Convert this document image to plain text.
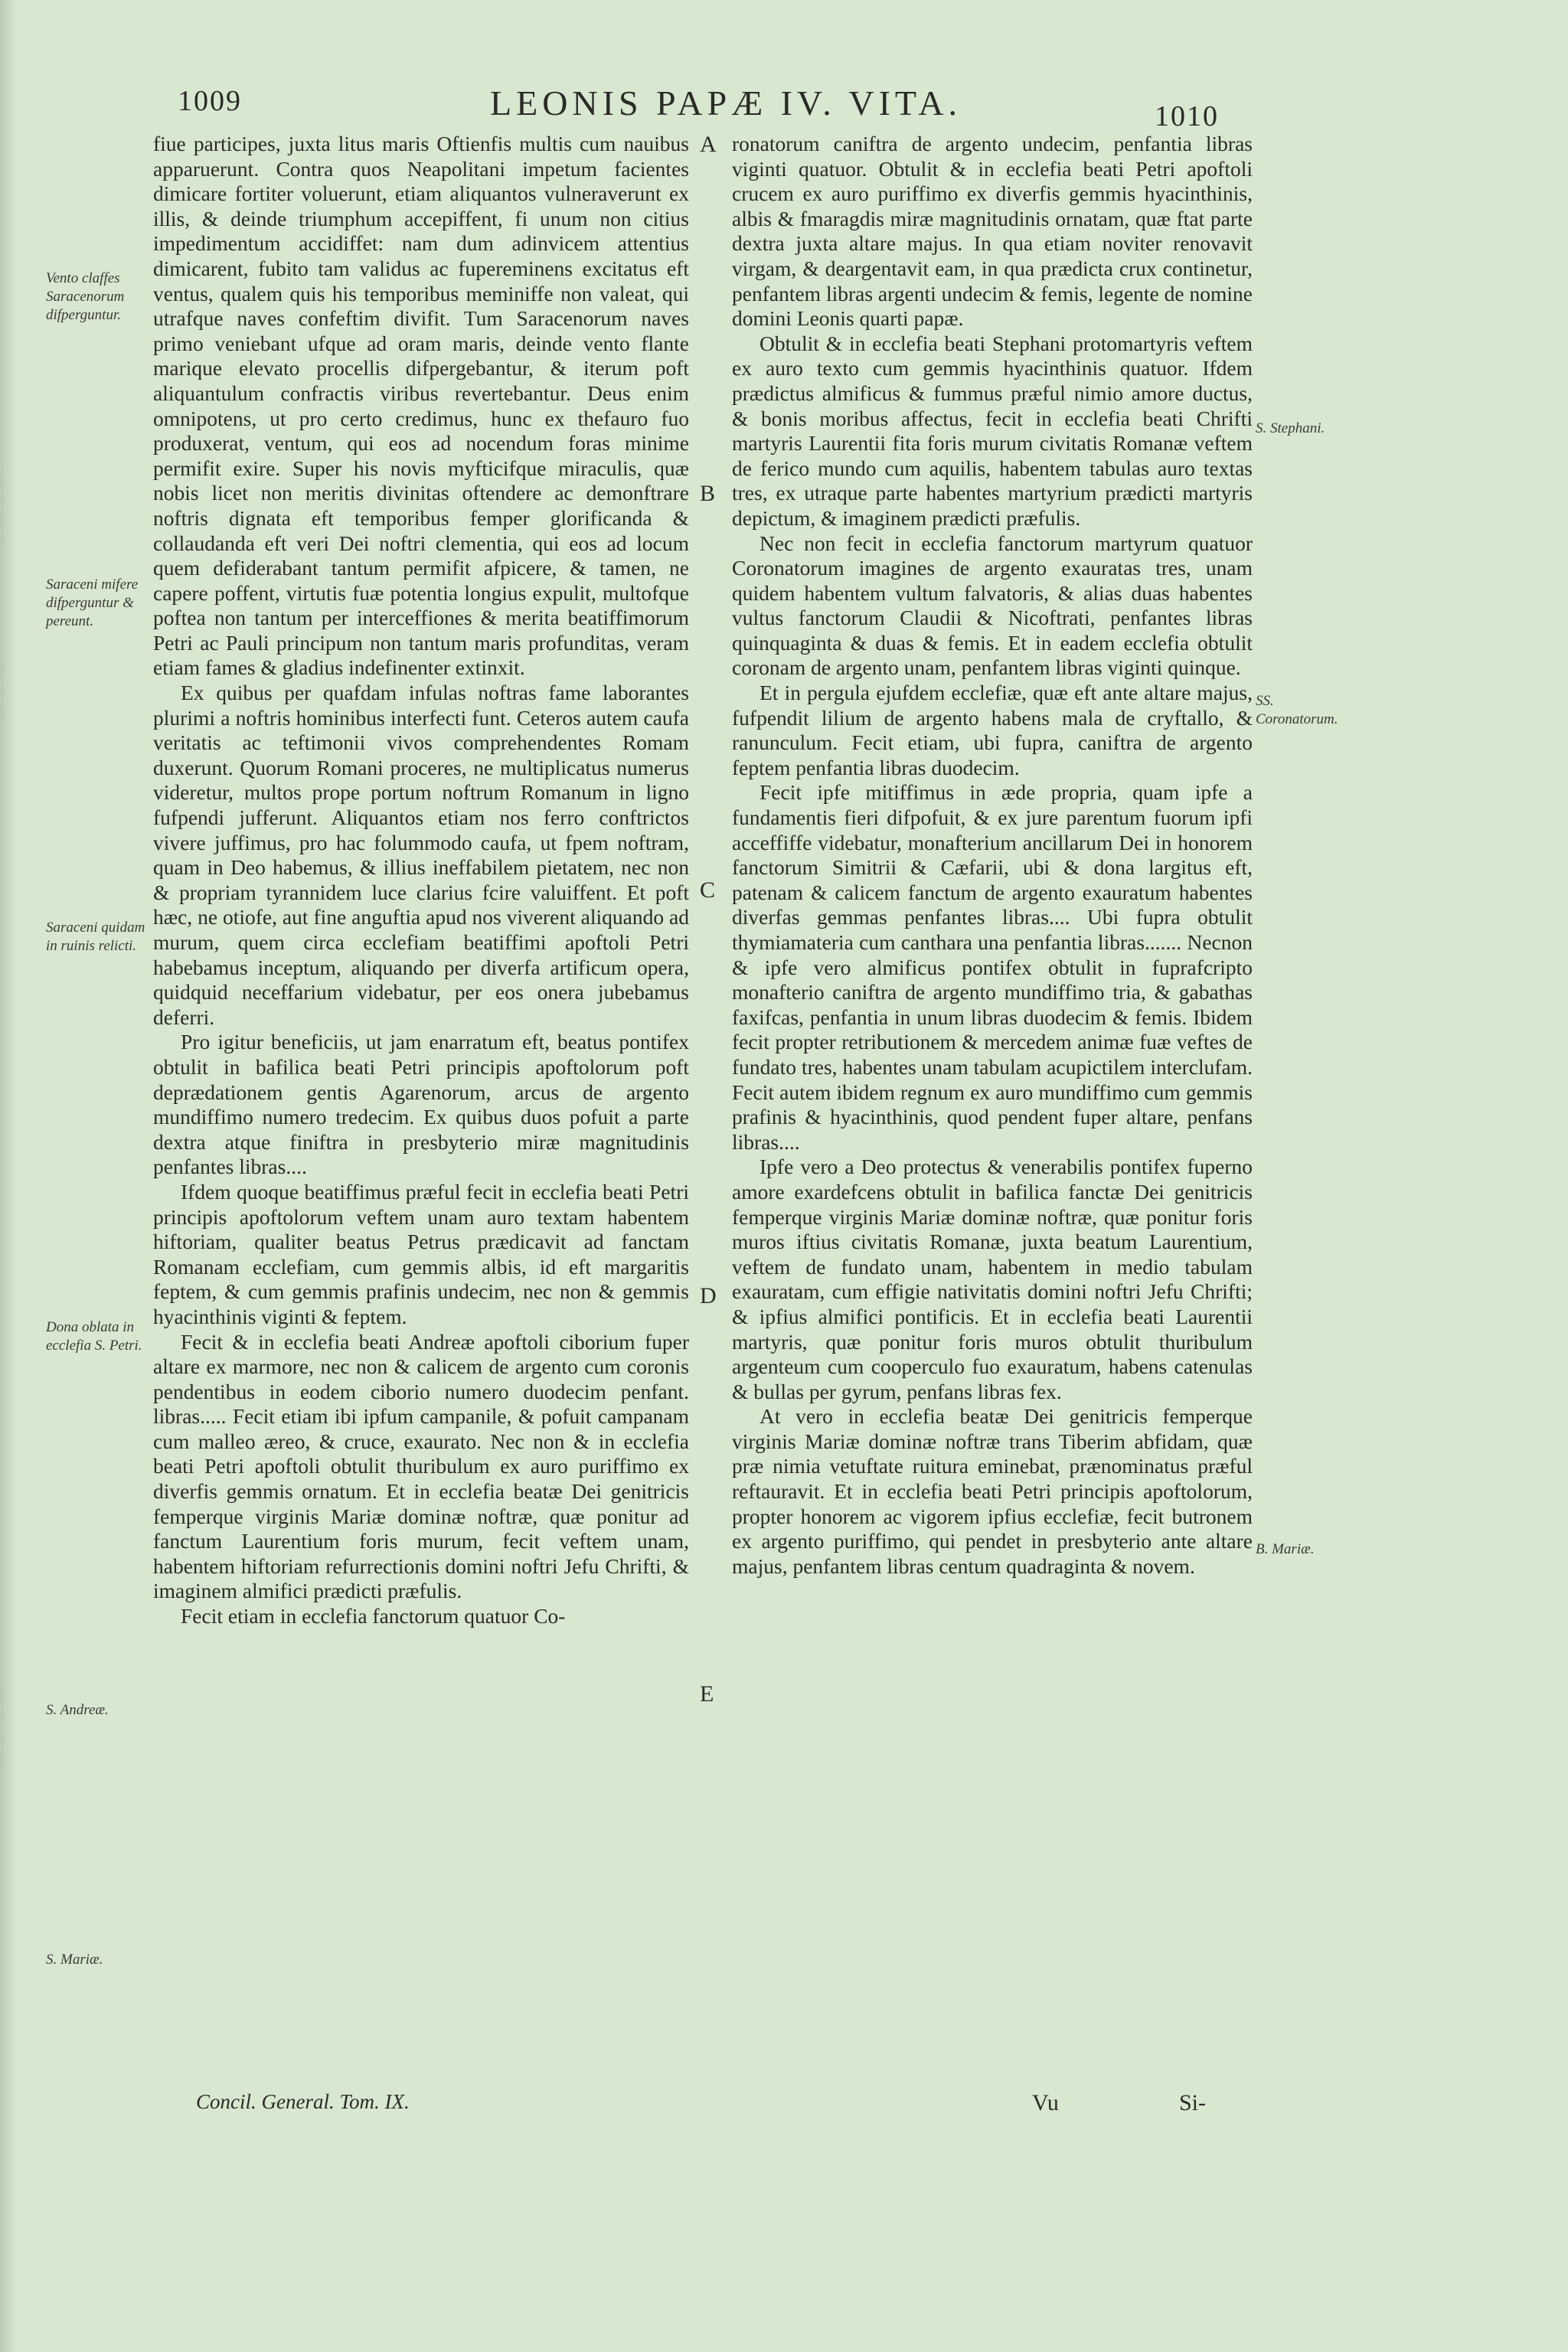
1009	LEONIS PAPÆ IV. VITA.	1010
Vento claffes Saracenorum difperguntur.
Saraceni mifere difperguntur & pereunt.
Saraceni quidam in ruinis relicti.
Dona oblata in ecclefia S. Petri.
S. Andreæ.
S. Mariæ.
A
B
C
D
E

fiue participes, juxta litus maris Oftienfis multis cum nauibus apparuerunt. Contra quos Neapolitani impetum facientes dimicare fortiter voluerunt, etiam aliquantos vulneraverunt ex illis, & deinde triumphum accepiffent, fi unum non citius impedimentum accidiffet: nam dum adinvicem attentius dimicarent, fubito tam validus ac fupereminens excitatus eft ventus, qualem quis his temporibus meminiffe non valeat, qui utrafque naves confeftim divifit. Tum Saracenorum naves primo veniebant ufque ad oram maris, deinde vento flante marique elevato procellis difpergebantur, & iterum poft aliquantulum confractis viribus revertebantur. Deus enim omnipotens, ut pro certo credimus, hunc ex thefauro fuo produxerat, ventum, qui eos ad nocendum foras minime permifit exire. Super his novis myfticifque miraculis, quæ nobis licet non meritis divinitas oftendere ac demonftrare noftris dignata eft temporibus femper glorificanda & collaudanda eft veri Dei noftri clementia, qui eos ad locum quem defiderabant tantum permifit afpicere, & tamen, ne capere poffent, virtutis fuæ potentia longius expulit, multofque poftea non tantum per interceffiones & merita beatiffimorum Petri ac Pauli principum non tantum maris profunditas, veram etiam fames & gladius indefinenter extinxit.

Ex quibus per quafdam infulas noftras fame laborantes plurimi a noftris hominibus interfecti funt. Ceteros autem caufa veritatis ac teftimonii vivos comprehendentes Romam duxerunt. Quorum Romani proceres, ne multiplicatus numerus videretur, multos prope portum noftrum Romanum in ligno fufpendi jufferunt. Aliquantos etiam nos ferro conftrictos vivere juffimus, pro hac folummodo caufa, ut fpem noftram, quam in Deo habemus, & illius ineffabilem pietatem, nec non & propriam tyrannidem luce clarius fcire valuiffent. Et poft hæc, ne otiofe, aut fine anguftia apud nos viverent aliquando ad murum, quem circa ecclefiam beatiffimi apoftoli Petri habebamus inceptum, aliquando per diverfa artificum opera, quidquid neceffarium videbatur, per eos onera jubebamus deferri.

Pro igitur beneficiis, ut jam enarratum eft, beatus pontifex obtulit in bafilica beati Petri principis apoftolorum poft deprædationem gentis Agarenorum, arcus de argento mundiffimo numero tredecim. Ex quibus duos pofuit a parte dextra atque finiftra in presbyterio miræ magnitudinis penfantes libras....

Ifdem quoque beatiffimus præful fecit in ecclefia beati Petri principis apoftolorum veftem unam auro textam habentem hiftoriam, qualiter beatus Petrus prædicavit ad fanctam Romanam ecclefiam, cum gemmis albis, id eft margaritis feptem, & cum gemmis prafinis undecim, nec non & gemmis hyacinthinis viginti & feptem.

Fecit & in ecclefia beati Andreæ apoftoli ciborium fuper altare ex marmore, nec non & calicem de argento cum coronis pendentibus in eodem ciborio numero duodecim penfant. libras..... Fecit etiam ibi ipfum campanile, & pofuit campanam cum malleo æreo, & cruce, exaurato. Nec non & in ecclefia beati Petri apoftoli obtulit thuribulum ex auro puriffimo ex diverfis gemmis ornatum. Et in ecclefia beatæ Dei genitricis femperque virginis Mariæ dominæ noftræ, quæ ponitur ad fanctum Laurentium foris murum, fecit veftem unam, habentem hiftoriam refurrectionis domini noftri Jefu Chrifti, & imaginem almifici prædicti præfulis.

Fecit etiam in ecclefia fanctorum quatuor Co-

ronatorum caniftra de argento undecim, penfantia libras viginti quatuor. Obtulit & in ecclefia beati Petri apoftoli crucem ex auro puriffimo ex diverfis gemmis hyacinthinis, albis & fmaragdis miræ magnitudinis ornatam, quæ ftat parte dextra juxta altare majus. In qua etiam noviter renovavit virgam, & deargentavit eam, in qua prædicta crux continetur, penfantem libras argenti undecim & femis, legente de nomine domini Leonis quarti papæ.

Obtulit & in ecclefia beati Stephani protomartyris veftem ex auro texto cum gemmis hyacinthinis quatuor. Ifdem prædictus almificus & fummus præful nimio amore ductus, & bonis moribus affectus, fecit in ecclefia beati Chrifti martyris Laurentii fita foris murum civitatis Romanæ veftem de ferico mundo cum aquilis, habentem tabulas auro textas tres, ex utraque parte habentes martyrium prædicti martyris depictum, & imaginem prædicti præfulis.

Nec non fecit in ecclefia fanctorum martyrum quatuor Coronatorum imagines de argento exauratas tres, unam quidem habentem vultum falvatoris, & alias duas habentes vultus fanctorum Claudii & Nicoftrati, penfantes libras quinquaginta & duas & femis. Et in eadem ecclefia obtulit coronam de argento unam, penfantem libras viginti quinque.

Et in pergula ejufdem ecclefiæ, quæ eft ante altare majus, fufpendit lilium de argento habens mala de cryftallo, & ranunculum. Fecit etiam, ubi fupra, caniftra de argento feptem penfantia libras duodecim.

Fecit ipfe mitiffimus in æde propria, quam ipfe a fundamentis fieri difpofuit, & ex jure parentum fuorum ipfi acceffiffe videbatur, monafterium ancillarum Dei in honorem fanctorum Simitrii & Cæfarii, ubi & dona largitus eft, patenam & calicem fanctum de argento exauratum habentes diverfas gemmas penfantes libras.... Ubi fupra obtulit thymiamateria cum canthara una penfantia libras....... Necnon & ipfe vero almificus pontifex obtulit in fuprafcripto monafterio caniftra de argento mundiffimo tria, & gabathas faxifcas, penfantia in unum libras duodecim & femis. Ibidem fecit propter retributionem & mercedem animæ fuæ veftes de fundato tres, habentes unam tabulam acupictilem interclufam. Fecit autem ibidem regnum ex auro mundiffimo cum gemmis prafinis & hyacinthinis, quod pendent fuper altare, penfans libras....

Ipfe vero a Deo protectus & venerabilis pontifex fuperno amore exardefcens obtulit in bafilica fanctæ Dei genitricis femperque virginis Mariæ dominæ noftræ, quæ ponitur foris muros iftius civitatis Romanæ, juxta beatum Laurentium, veftem de fundato unam, habentem in medio tabulam exauratam, cum effigie nativitatis domini noftri Jefu Chrifti; & ipfius almifici pontificis. Et in ecclefia beati Laurentii martyris, quæ ponitur foris muros obtulit thuribulum argenteum cum cooperculo fuo exauratum, habens catenulas & bullas per gyrum, penfans libras fex.

At vero in ecclefia beatæ Dei genitricis femperque virginis Mariæ dominæ noftræ trans Tiberim abfidam, quæ præ nimia vetuftate ruitura eminebat, prænominatus præful reftauravit. Et in ecclefia beati Petri principis apoftolorum, propter honorem ac vigorem ipfius ecclefiæ, fecit butronem ex argento puriffimo, qui pendet in presbyterio ante altare majus, penfantem libras centum quadraginta & novem.

S. Stephani.
SS. Coronatorum.
B. Mariæ.
Concil. General. Tom. IX.	Vu	Si-
